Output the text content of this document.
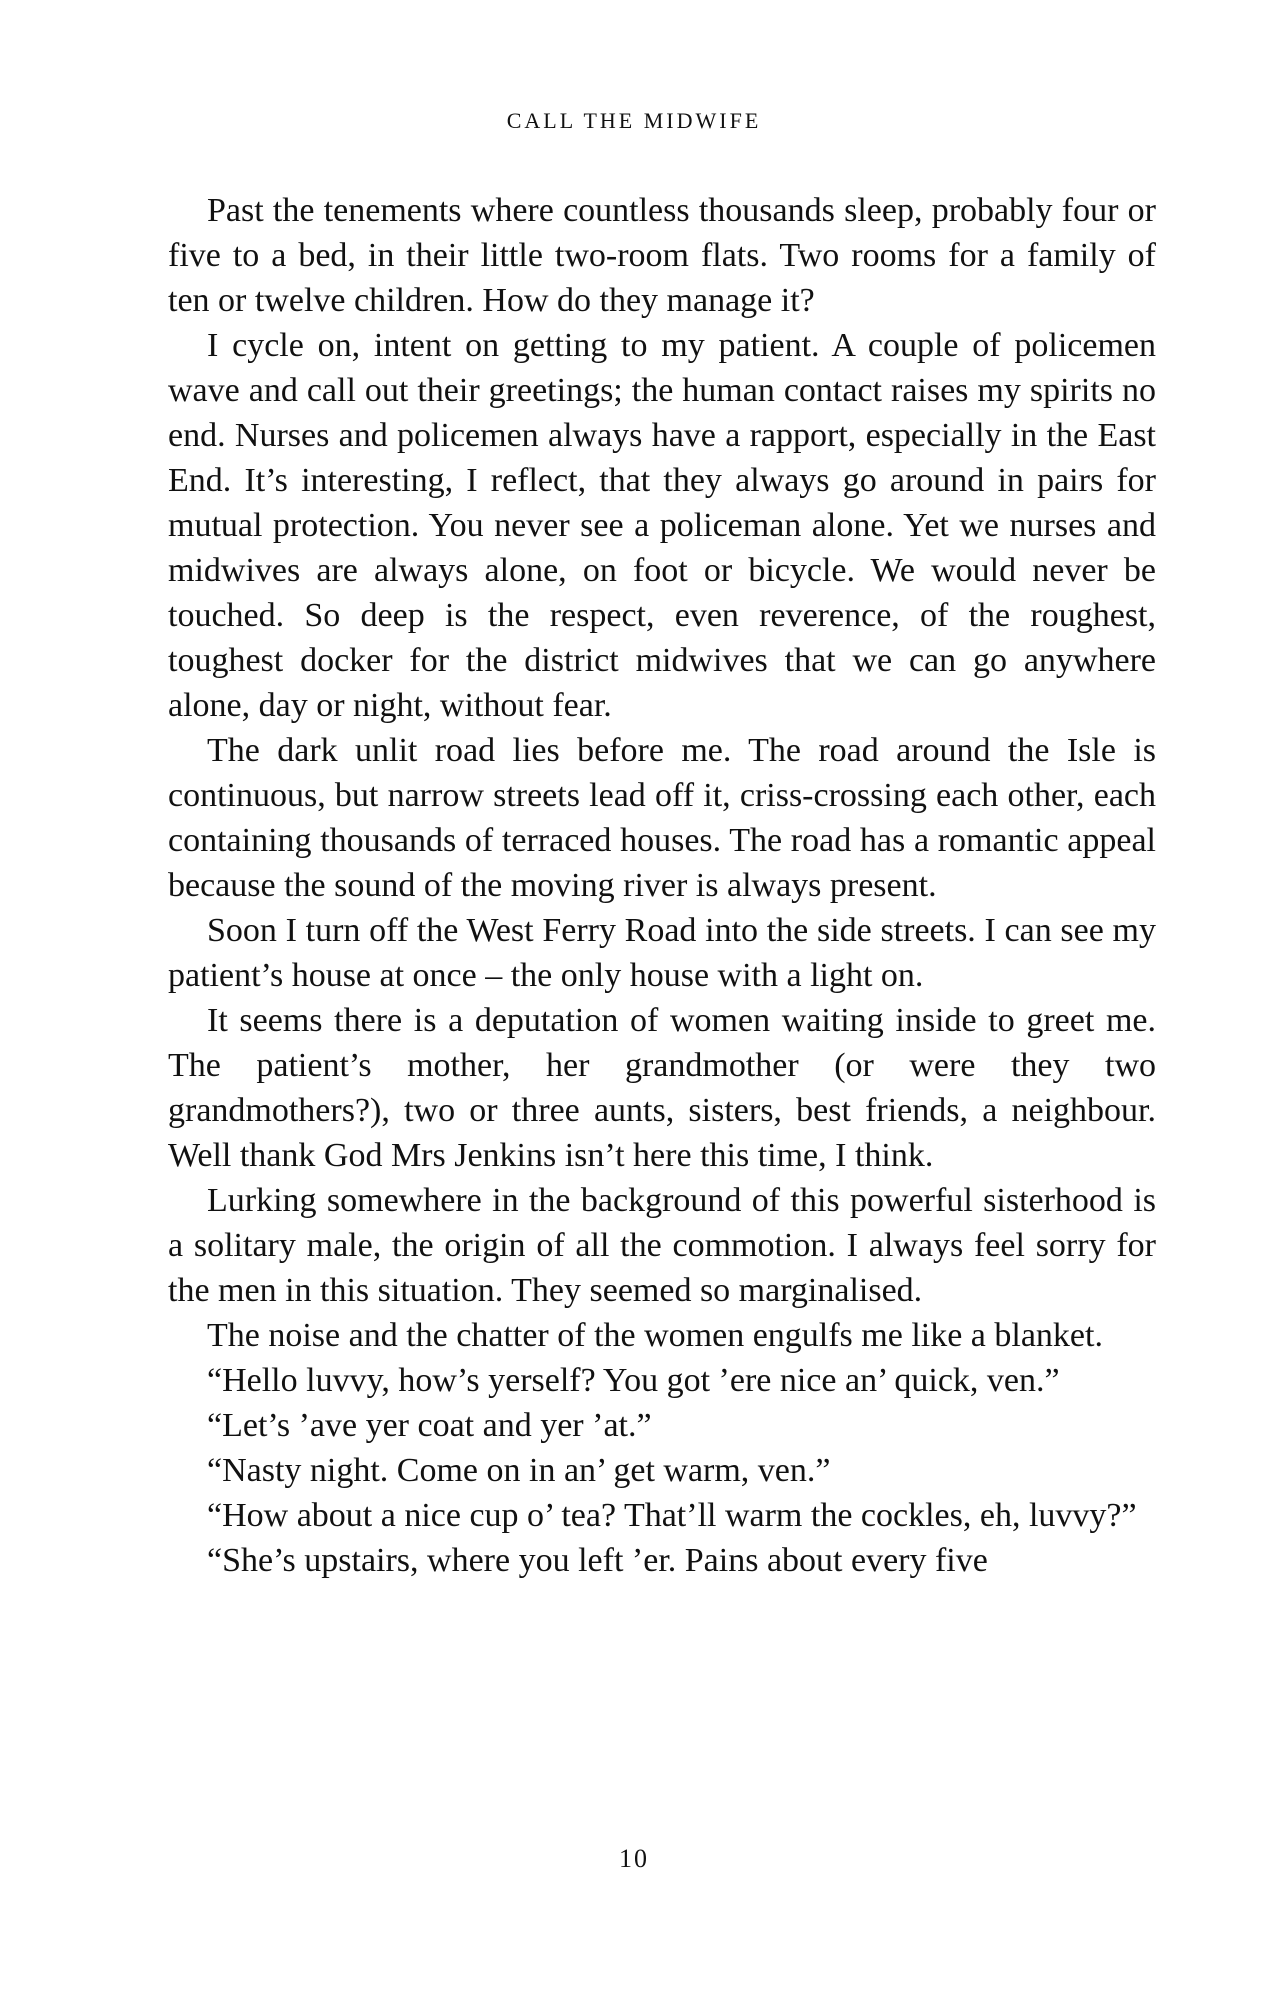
CALL THE MIDWIFE

Past the tenements where countless thousands sleep, probably four or five to a bed, in their little two-room flats. Two rooms for a family of ten or twelve children. How do they manage it?

I cycle on, intent on getting to my patient. A couple of policemen wave and call out their greetings; the human contact raises my spirits no end. Nurses and policemen always have a rapport, especially in the East End. It’s interesting, I reflect, that they always go around in pairs for mutual protection. You never see a policeman alone. Yet we nurses and midwives are always alone, on foot or bicycle. We would never be touched. So deep is the respect, even reverence, of the roughest, toughest docker for the district midwives that we can go anywhere alone, day or night, without fear.

The dark unlit road lies before me. The road around the Isle is continuous, but narrow streets lead off it, criss-crossing each other, each containing thousands of terraced houses. The road has a romantic appeal because the sound of the moving river is always present.

Soon I turn off the West Ferry Road into the side streets. I can see my patient’s house at once – the only house with a light on.

It seems there is a deputation of women waiting inside to greet me. The patient’s mother, her grandmother (or were they two grandmothers?), two or three aunts, sisters, best friends, a neighbour. Well thank God Mrs Jenkins isn’t here this time, I think.

Lurking somewhere in the background of this powerful sisterhood is a solitary male, the origin of all the commotion. I always feel sorry for the men in this situation. They seemed so marginalised.

The noise and the chatter of the women engulfs me like a blanket.

“Hello luvvy, how’s yerself? You got ’ere nice an’ quick, ven.”

“Let’s ’ave yer coat and yer ’at.”

“Nasty night. Come on in an’ get warm, ven.”

“How about a nice cup o’ tea? That’ll warm the cockles, eh, luvvy?”

“She’s upstairs, where you left ’er. Pains about every five

10
